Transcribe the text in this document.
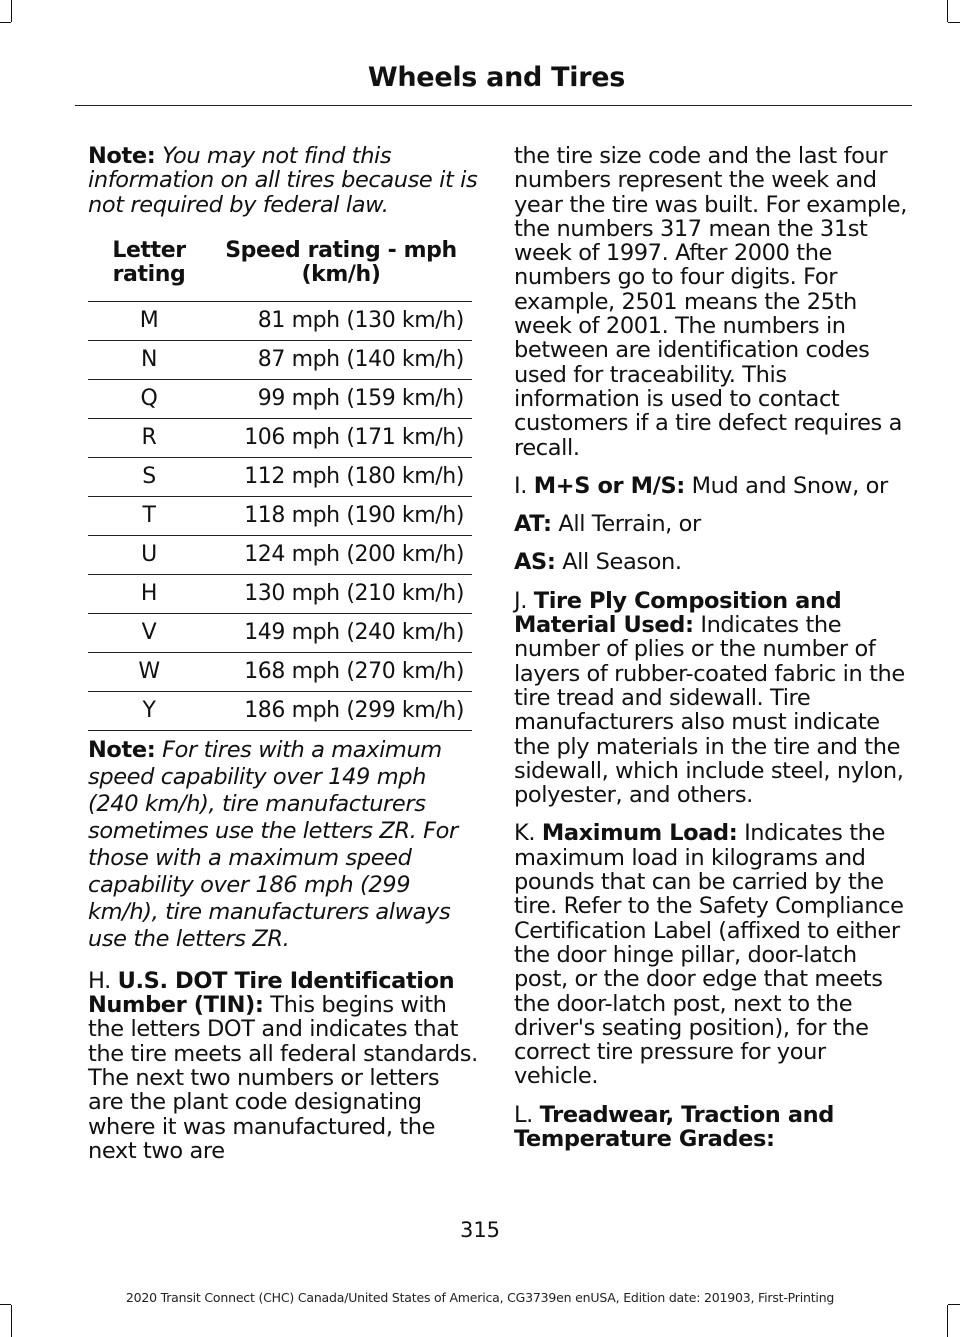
Wheels and Tires

Note: You may not find this information on all tires because it is not required by federal law.

Letter rating	Speed rating - mph (km/h)
M	81 mph (130 km/h)
N	87 mph (140 km/h)
Q	99 mph (159 km/h)
R	106 mph (171 km/h)
S	112 mph (180 km/h)
T	118 mph (190 km/h)
U	124 mph (200 km/h)
H	130 mph (210 km/h)
V	149 mph (240 km/h)
W	168 mph (270 km/h)
Y	186 mph (299 km/h)

Note: For tires with a maximum speed capability over 149 mph (240 km/h), tire manufacturers sometimes use the letters ZR. For those with a maximum speed capability over 186 mph (299 km/h), tire manufacturers always use the letters ZR.

H. U.S. DOT Tire Identification Number (TIN): This begins with the letters DOT and indicates that the tire meets all federal standards. The next two numbers or letters are the plant code designating where it was manufactured, the next two are

the tire size code and the last four numbers represent the week and year the tire was built. For example, the numbers 317 mean the 31st week of 1997. After 2000 the numbers go to four digits. For example, 2501 means the 25th week of 2001. The numbers in between are identification codes used for traceability. This information is used to contact customers if a tire defect requires a recall.

I. M+S or M/S: Mud and Snow, or

AT: All Terrain, or

AS: All Season.

J. Tire Ply Composition and Material Used: Indicates the number of plies or the number of layers of rubber-coated fabric in the tire tread and sidewall. Tire manufacturers also must indicate the ply materials in the tire and the sidewall, which include steel, nylon, polyester, and others.

K. Maximum Load: Indicates the maximum load in kilograms and pounds that can be carried by the tire. Refer to the Safety Compliance Certification Label (affixed to either the door hinge pillar, door-latch post, or the door edge that meets the door-latch post, next to the driver's seating position), for the correct tire pressure for your vehicle.

L. Treadwear, Traction and Temperature Grades:

315
2020 Transit Connect (CHC) Canada/United States of America, CG3739en enUSA, Edition date: 201903, First-Printing
